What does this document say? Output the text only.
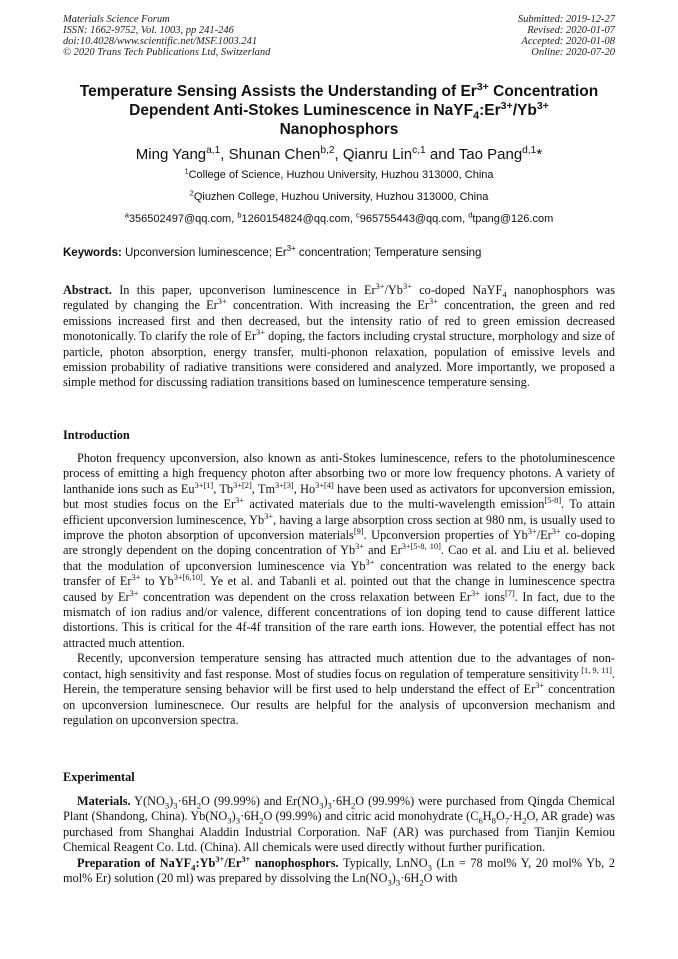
Materials Science Forum
ISSN: 1662-9752, Vol. 1003, pp 241-246
doi:10.4028/www.scientific.net/MSF.1003.241
© 2020 Trans Tech Publications Ltd, Switzerland
Submitted: 2019-12-27
Revised: 2020-01-07
Accepted: 2020-01-08
Online: 2020-07-20
Temperature Sensing Assists the Understanding of $Er^{3+}$ Concentration
Dependent Anti-Stokes Luminescence in $NaYF_4:Er^{3+}/Yb^{3+}$
Nanophosphors
Ming Yang$^{a,1}$, Shunan Chen$^{b,2}$, Qianru Lin$^{c,1}$ and Tao Pang$^{d,1}$*
$^1$College of Science, Huzhou University, Huzhou 313000, China
$^2$Qiuzhen College, Huzhou University, Huzhou 313000, China
$^a$356502497@qq.com, $^b$1260154824@qq.com, $^c$965755443@qq.com, $^d$tpang@126.com
Keywords: Upconversion luminescence; $Er^{3+}$ concentration; Temperature sensing

Abstract. In this paper, upconverison luminescence in $Er^{3+}/Yb^{3+}$ co-doped NaYF$_4$ nanophosphors was regulated by changing the $Er^{3+}$ concentration. With increasing the $Er^{3+}$ concentration, the green and red emissions increased first and then decreased, but the intensity ratio of red to green emission decreased monotonically. To clarify the role of $Er^{3+}$ doping, the factors including crystal structure, morphology and size of particle, photon absorption, energy transfer, multi-phonon relaxation, population of emissive levels and emission probability of radiative transitions were considered and analyzed. More importantly, we proposed a simple method for discussing radiation transitions based on luminescence temperature sensing.

Introduction

Photon frequency upconversion, also known as anti-Stokes luminescence, refers to the photoluminescence process of emitting a high frequency photon after absorbing two or more low frequency photons. A variety of lanthanide ions such as $Eu^{3+[1]}$, $Tb^{3+[2]}$, $Tm^{3+[3]}$, $Ho^{3+[4]}$ have been used as activators for upconversion emission, but most studies focus on the $Er^{3+}$ activated materials due to the multi-wavelength emission[5-8]. To attain efficient upconversion luminescence, $Yb^{3+}$, having a large absorption cross section at 980 nm, is usually used to improve the photon absorption of upconversion materials[9]. Upconversion properties of $Yb^{3+}/Er^{3+}$ co-doping are strongly dependent on the doping concentration of $Yb^{3+}$ and $Er^{3+[5-8, 10]}$. Cao et al. and Liu et al. believed that the modulation of upconversion luminescence via $Yb^{3+}$ concentration was related to the energy back transfer of $Er^{3+}$ to $Yb^{3+[6,10]}$. Ye et al. and Tabanli et al. pointed out that the change in luminescence spectra caused by $Er^{3+}$ concentration was dependent on the cross relaxation between $Er^{3+}$ ions[7]. In fact, due to the mismatch of ion radius and/or valence, different concentrations of ion doping tend to cause different lattice distortions. This is critical for the 4f-4f transition of the rare earth ions. However, the potential effect has not attracted much attention.

Recently, upconversion temperature sensing has attracted much attention due to the advantages of non-contact, high sensitivity and fast response. Most of studies focus on regulation of temperature sensitivity [1, 9, 11]. Herein, the temperature sensing behavior will be first used to help understand the effect of $Er^{3+}$ concentration on upconversion luminescnece. Our results are helpful for the analysis of upconversion mechanism and regulation on upconversion spectra.

Experimental

Materials. $Y(NO_3)_3\cdot 6H_2O$ (99.99%) and $Er(NO_3)_3\cdot 6H_2O$ (99.99%) were purchased from Qingda Chemical Plant (Shandong, China). $Yb(NO_3)_3\cdot 6H_2O$ (99.99%) and citric acid monohydrate ($C_6H_8O_7\cdot H_2O$, AR grade) was purchased from Shanghai Aladdin Industrial Corporation. NaF (AR) was purchased from Tianjin Kemiou Chemical Reagent Co. Ltd. (China). All chemicals were used directly without further purification.

Preparation of $NaYF_4:Yb^{3+}/Er^{3+}$ nanophosphors. Typically, LnNO$_3$ (Ln = 78 mol% Y, 20 mol% Yb, 2 mol% Er) solution (20 ml) was prepared by dissolving the $Ln(NO_3)_3\cdot 6H_2O$ with
